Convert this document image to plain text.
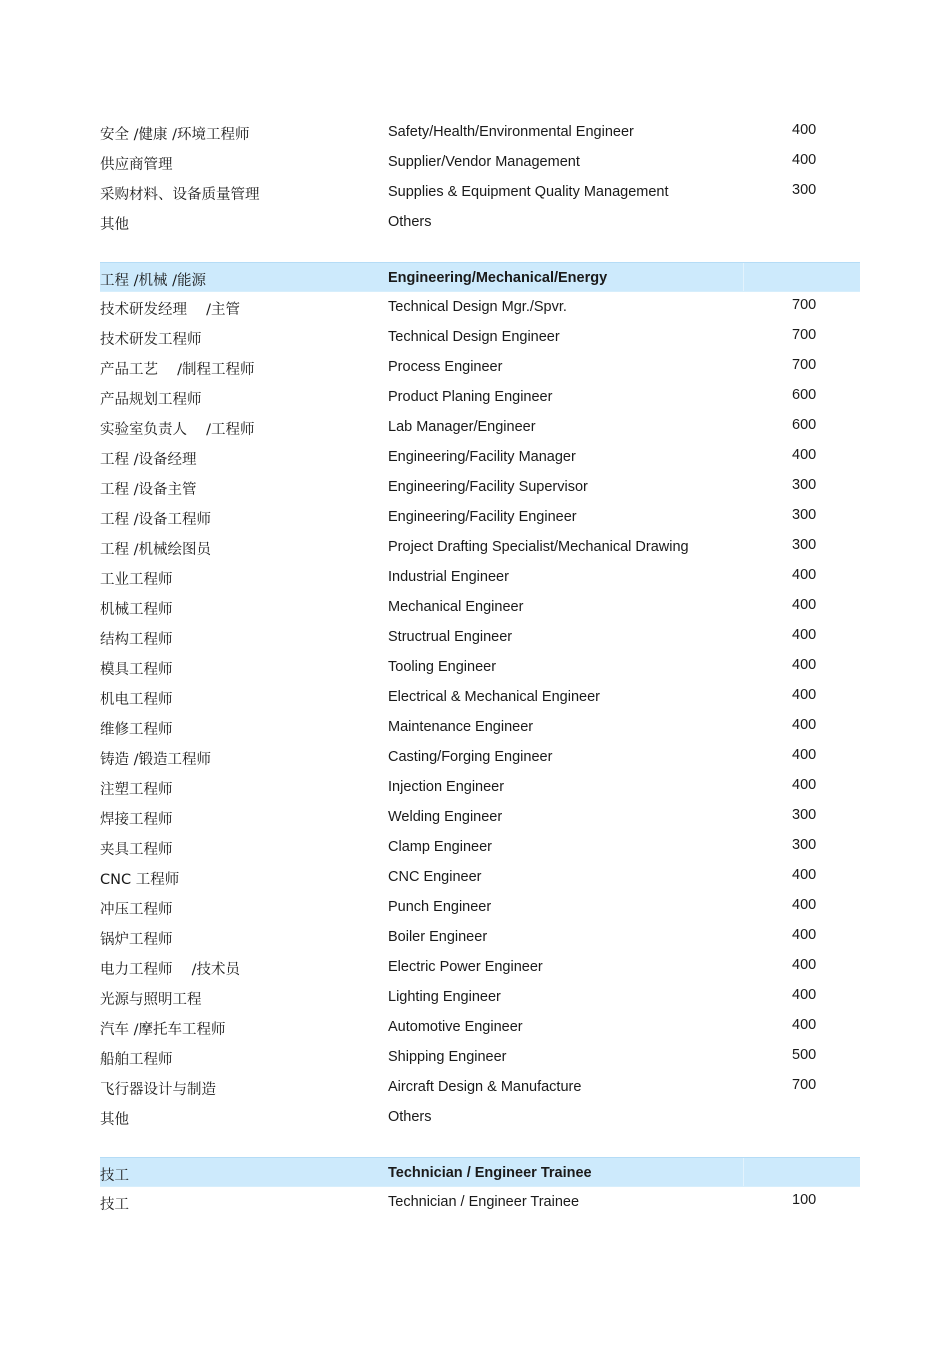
安全 /健康 /环境工程师	Safety/Health/Environmental Engineer	400
供应商管理	Supplier/Vendor Management	400
采购材料、设备质量管理	Supplies & Equipment Quality Management	300
其他	Others
工程 /机械 /能源	Engineering/Mechanical/Energy
技术研发经理 　/主管	Technical Design Mgr./Spvr.	700
技术研发工程师	Technical Design Engineer	700
产品工艺 　/制程工程师	Process Engineer	700
产品规划工程师	Product Planing Engineer	600
实验室负责人 　/工程师	Lab Manager/Engineer	600
工程 /设备经理	Engineering/Facility Manager	400
工程 /设备主管	Engineering/Facility Supervisor	300
工程 /设备工程师	Engineering/Facility Engineer	300
工程 /机械绘图员	Project Drafting Specialist/Mechanical Drawing	300
工业工程师	Industrial Engineer	400
机械工程师	Mechanical Engineer	400
结构工程师	Structrual Engineer	400
模具工程师	Tooling Engineer	400
机电工程师	Electrical & Mechanical Engineer	400
维修工程师	Maintenance Engineer	400
铸造 /锻造工程师	Casting/Forging Engineer	400
注塑工程师	Injection Engineer	400
焊接工程师	Welding Engineer	300
夹具工程师	Clamp Engineer	300
CNC 工程师	CNC Engineer	400
冲压工程师	Punch Engineer	400
锅炉工程师	Boiler Engineer	400
电力工程师 　/技术员	Electric Power Engineer	400
光源与照明工程	Lighting Engineer	400
汽车 /摩托车工程师	Automotive Engineer	400
船舶工程师	Shipping Engineer	500
飞行器设计与制造	Aircraft Design & Manufacture	700
其他	Others
技工	Technician / Engineer Trainee
技工	Technician / Engineer Trainee	100
